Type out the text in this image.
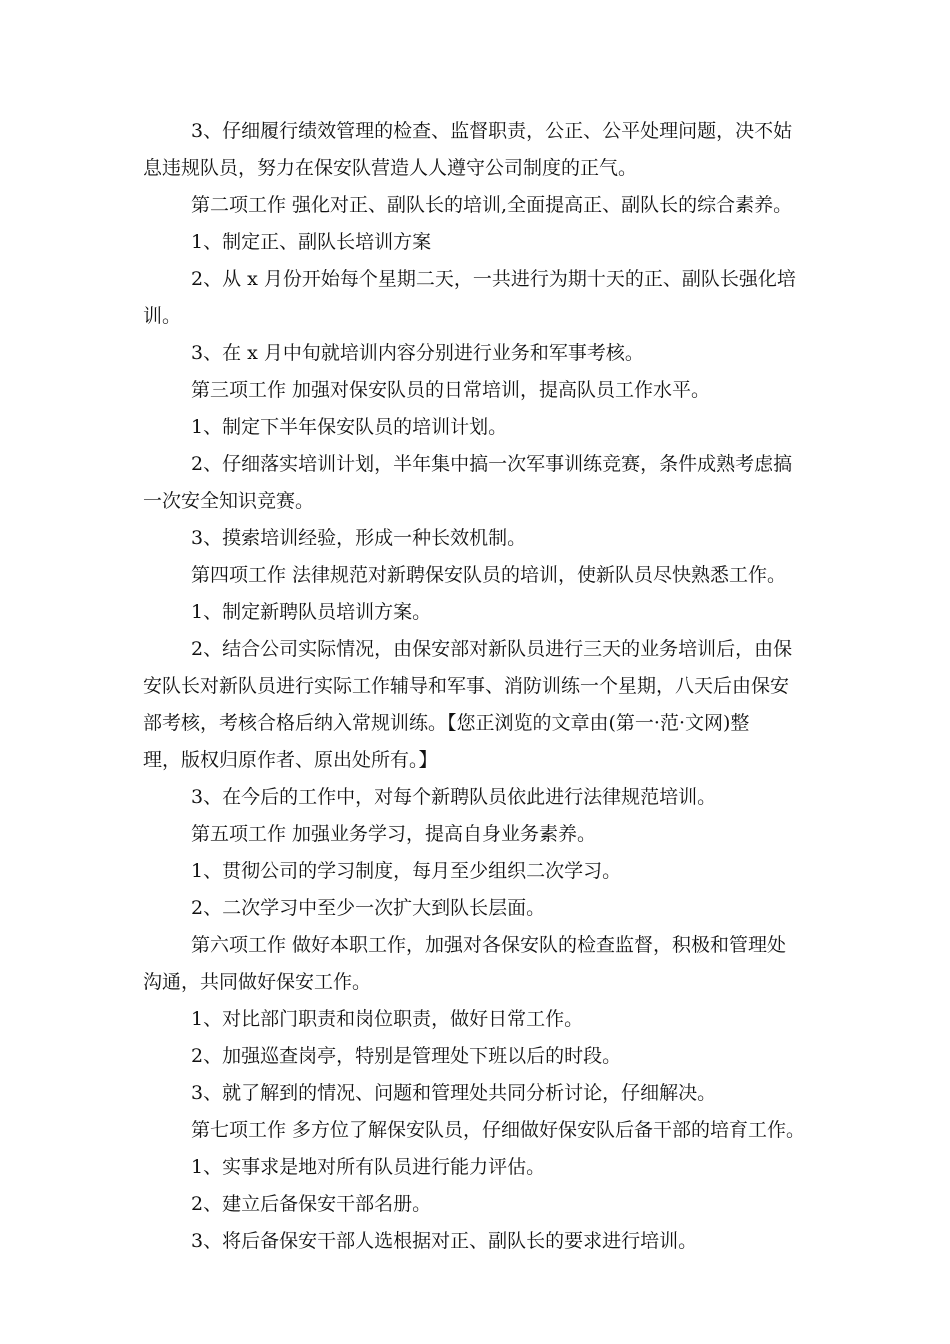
3、仔细履行绩效管理的检查、监督职责，公正、公平处理问题，决不姑
息违规队员，努力在保安队营造人人遵守公司制度的正气。
第二项工作 强化对正、副队长的培训,全面提高正、副队长的综合素养。
1、制定正、副队长培训方案
2、从 x 月份开始每个星期二天，一共进行为期十天的正、副队长强化培
训。
3、在 x 月中旬就培训内容分别进行业务和军事考核。
第三项工作 加强对保安队员的日常培训，提高队员工作水平。
1、制定下半年保安队员的培训计划。
2、仔细落实培训计划，半年集中搞一次军事训练竞赛，条件成熟考虑搞
一次安全知识竞赛。
3、摸索培训经验，形成一种长效机制。
第四项工作 法律规范对新聘保安队员的培训，使新队员尽快熟悉工作。
1、制定新聘队员培训方案。
2、结合公司实际情况，由保安部对新队员进行三天的业务培训后，由保
安队长对新队员进行实际工作辅导和军事、消防训练一个星期，八天后由保安
部考核，考核合格后纳入常规训练。【您正浏览的文章由(第一·范·文网)整
理，版权归原作者、原出处所有。】
3、在今后的工作中，对每个新聘队员依此进行法律规范培训。
第五项工作 加强业务学习，提高自身业务素养。
1、贯彻公司的学习制度，每月至少组织二次学习。
2、二次学习中至少一次扩大到队长层面。
第六项工作 做好本职工作，加强对各保安队的检查监督，积极和管理处
沟通，共同做好保安工作。
1、对比部门职责和岗位职责，做好日常工作。
2、加强巡查岗亭，特别是管理处下班以后的时段。
3、就了解到的情况、问题和管理处共同分析讨论，仔细解决。
第七项工作 多方位了解保安队员，仔细做好保安队后备干部的培育工作。
1、实事求是地对所有队员进行能力评估。
2、建立后备保安干部名册。
3、将后备保安干部人选根据对正、副队长的要求进行培训。
